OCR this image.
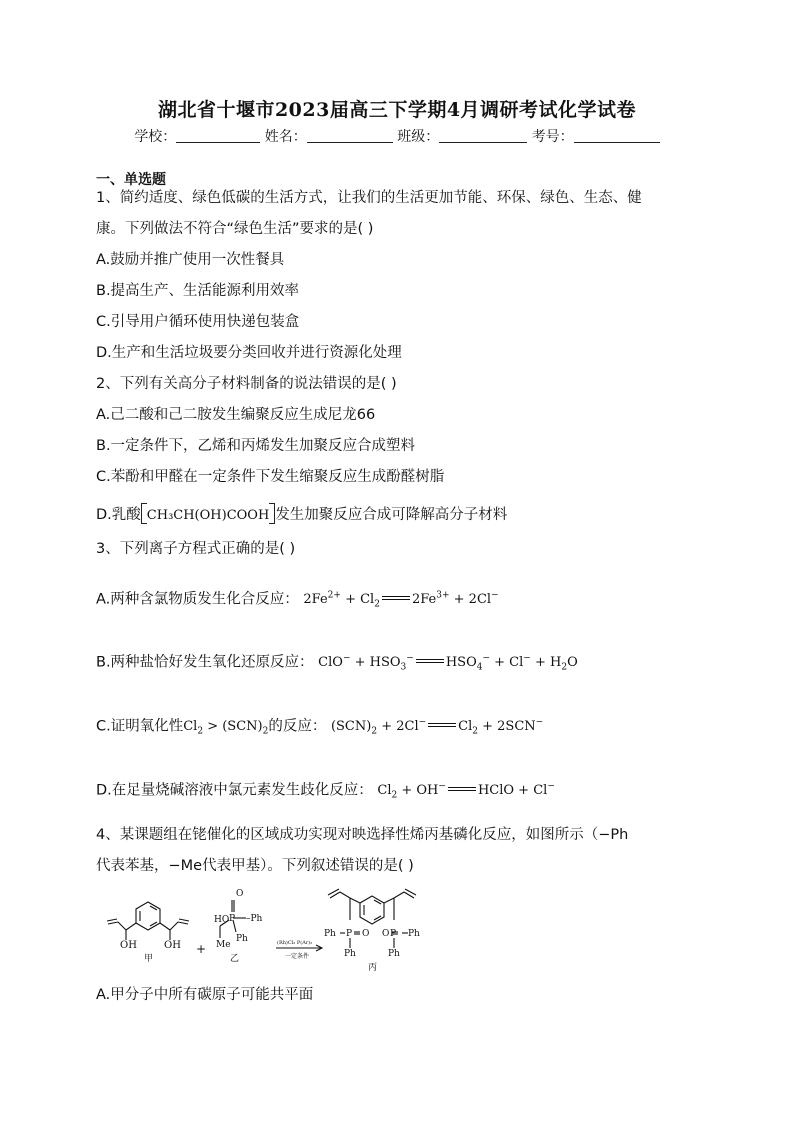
湖北省十堰市2023届高三下学期4月调研考试化学试卷
学校：	姓名：	班级：	考号：
一、单选题
1、简约适度、绿色低碳的生活方式，让我们的生活更加节能、环保、绿色、生态、健
康。下列做法不符合“绿色生活”要求的是( )
A.鼓励并推广使用一次性餐具
B.提高生产、生活能源利用效率
C.引导用户循环使用快递包装盒
D.生产和生活垃圾要分类回收并进行资源化处理
2、下列有关高分子材料制备的说法错误的是( )
A.己二酸和己二胺发生编聚反应生成尼龙66
B.一定条件下，乙烯和丙烯发生加聚反应合成塑料
C.苯酚和甲醛在一定条件下发生缩聚反应生成酚醛树脂
D.乳酸 CH₃CH(OH)COOH 发生加聚反应合成可降解高分子材料
3、下列离子方程式正确的是( )
A.两种含氯物质发生化合反应： $2Fe^{2+} + Cl_2$ $2Fe^{3+} + 2Cl^-$
B.两种盐恰好发生氧化还原反应： $ClO^- + HSO_3^-$ $HSO_4^- + Cl^- + H_2O$
C.证明氧化性$Cl_2 > (SCN)_2$的反应： $(SCN)_2 + 2Cl^-$ $Cl_2 + 2SCN^-$
D.在足量烧碱溶液中氯元素发生歧化反应： $Cl_2 + OH^-$ HClO + Cl−
4、某课题组在铑催化的区域成功实现对映选择性烯丙基磷化反应，如图所示（−Ph
代表苯基，−Me代表甲基）。下列叙述错误的是( )
O
P –Ph
Ph
HO
Me
OH	OH
P O
Ph
Ph
P
O Ph
Ph
+	(Rh)Cl₂ P(Ar)₃
一定条件
甲	乙
丙
A.甲分子中所有碳原子可能共平面
